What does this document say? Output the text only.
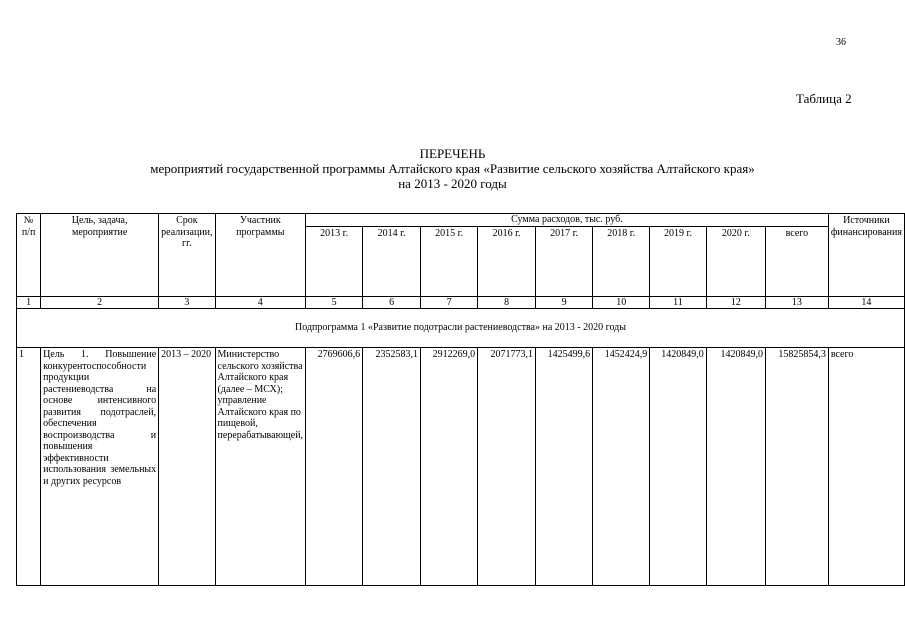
36
Таблица 2
ПЕРЕЧЕНЬ
мероприятий государственной программы Алтайского края «Развитие сельского хозяйства Алтайского края»
на 2013 - 2020 годы
№ п/п	Цель, задача, мероприятие	Срок реализации, гг.	Участник программы	Сумма расходов, тыс. руб.									Источники финансирования
				2013 г.	2014 г.	2015 г.	2016 г.	2017 г.	2018 г.	2019 г.	2020 г.	всего	
1	2	3	4	5	6	7	8	9	10	11	12	13	14
Подпрограмма 1 «Развитие подотрасли растениеводства» на 2013 - 2020 годы													
1	Цель 1. Повышение конкурентоспособности продукции растениеводства на основе интенсивного развития подотраслей, обеспечения воспроизводства и повышения эффективности использования земельных и других ресурсов	2013 – 2020	Министерство сельского хозяйства Алтайского края (далее – МСХ); управление Алтайского края по пищевой, перерабатывающей,	2769606,6	2352583,1	2912269,0	2071773,1	1425499,6	1452424,9	1420849,0	1420849,0	15825854,3	всего
